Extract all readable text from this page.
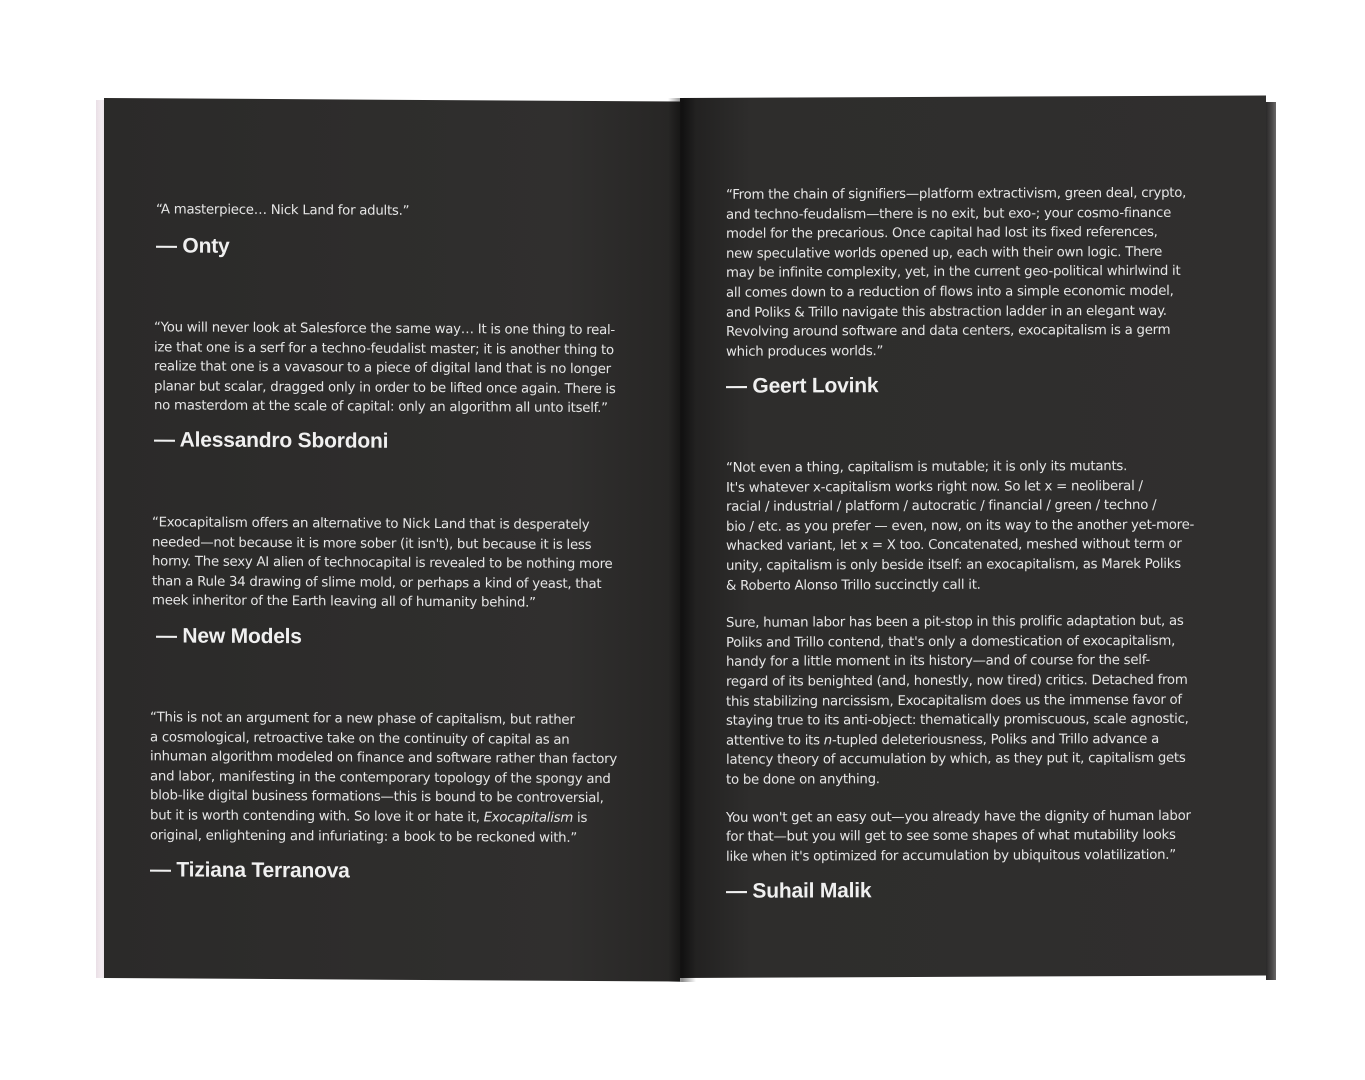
“A masterpiece… Nick Land for adults.”

— Onty

“You will never look at Salesforce the same way… It is one thing to real-
ize that one is a serf for a techno-feudalist master; it is another thing to
realize that one is a vavasour to a piece of digital land that is no longer
planar but scalar, dragged only in order to be lifted once again. There is
no masterdom at the scale of capital: only an algorithm all unto itself.”

— Alessandro Sbordoni

“Exocapitalism offers an alternative to Nick Land that is desperately
needed—not because it is more sober (it isn't), but because it is less
horny. The sexy AI alien of technocapital is revealed to be nothing more
than a Rule 34 drawing of slime mold, or perhaps a kind of yeast, that
meek inheritor of the Earth leaving all of humanity behind.”

— New Models

“This is not an argument for a new phase of capitalism, but rather
a cosmological, retroactive take on the continuity of capital as an
inhuman algorithm modeled on finance and software rather than factory
and labor, manifesting in the contemporary topology of the spongy and
blob-like digital business formations—this is bound to be controversial,
but it is worth contending with. So love it or hate it, Exocapitalism is
original, enlightening and infuriating: a book to be reckoned with.”

— Tiziana Terranova

“From the chain of signifiers—platform extractivism, green deal, crypto,
and techno-feudalism—there is no exit, but exo-; your cosmo-finance
model for the precarious. Once capital had lost its fixed references,
new speculative worlds opened up, each with their own logic. There
may be infinite complexity, yet, in the current geo-political whirlwind it
all comes down to a reduction of flows into a simple economic model,
and Poliks & Trillo navigate this abstraction ladder in an elegant way.
Revolving around software and data centers, exocapitalism is a germ
which produces worlds.”

— Geert Lovink

“Not even a thing, capitalism is mutable; it is only its mutants.
It's whatever x-capitalism works right now. So let x = neoliberal /
racial / industrial / platform / autocratic / financial / green / techno /
bio / etc. as you prefer — even, now, on its way to the another yet-more-
whacked variant, let x = X too. Concatenated, meshed without term or
unity, capitalism is only beside itself: an exocapitalism, as Marek Poliks
& Roberto Alonso Trillo succinctly call it.

Sure, human labor has been a pit-stop in this prolific adaptation but, as
Poliks and Trillo contend, that's only a domestication of exocapitalism,
handy for a little moment in its history—and of course for the self-
regard of its benighted (and, honestly, now tired) critics. Detached from
this stabilizing narcissism, Exocapitalism does us the immense favor of
staying true to its anti-object: thematically promiscuous, scale agnostic,
attentive to its n-tupled deleteriousness, Poliks and Trillo advance a
latency theory of accumulation by which, as they put it, capitalism gets
to be done on anything.

You won't get an easy out—you already have the dignity of human labor
for that—but you will get to see some shapes of what mutability looks
like when it's optimized for accumulation by ubiquitous volatilization.”

— Suhail Malik
